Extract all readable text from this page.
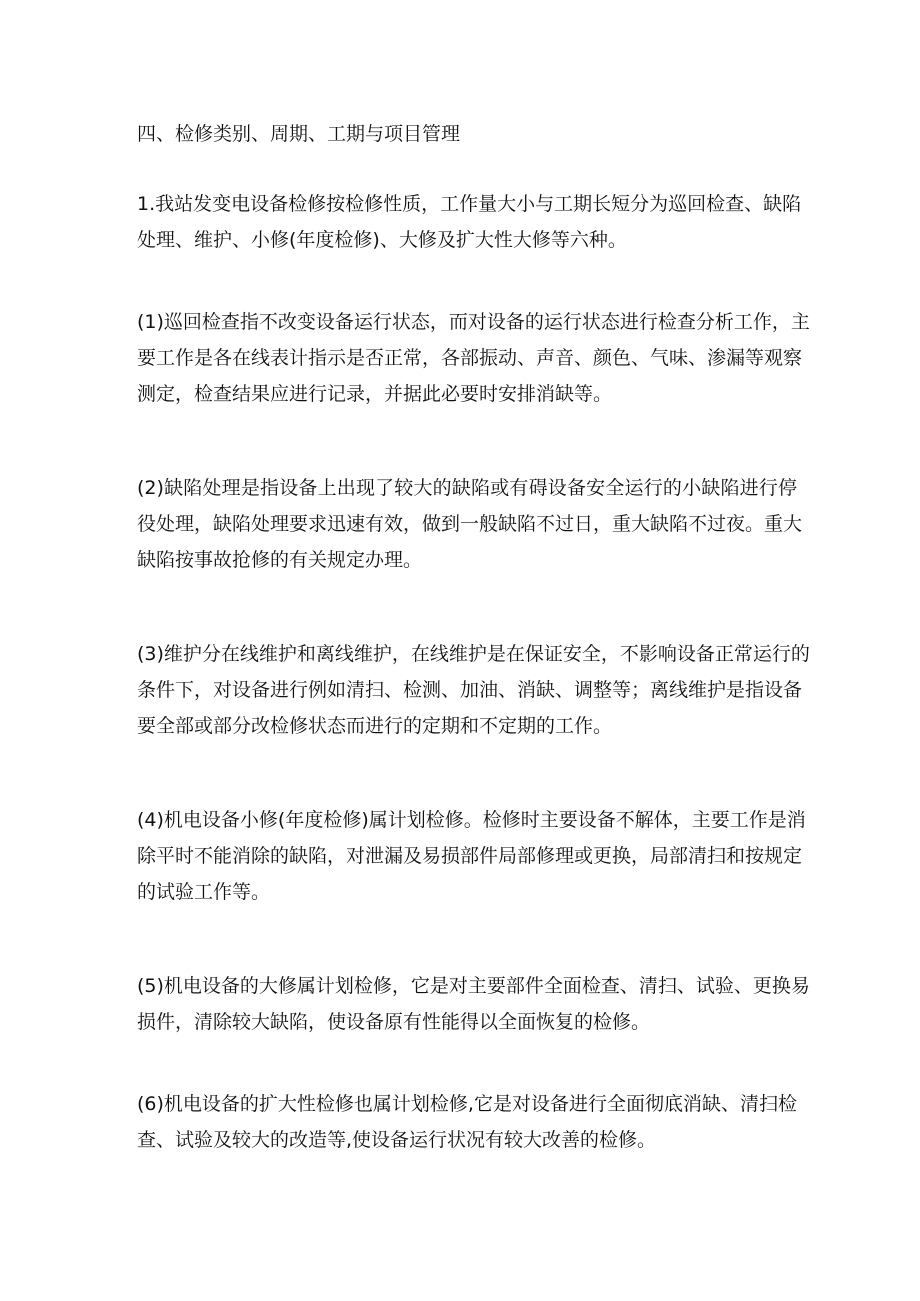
四、检修类别、周期、工期与项目管理

1.我站发变电设备检修按检修性质，工作量大小与工期长短分为巡回检查、缺陷
处理、维护、小修(年度检修)、大修及扩大性大修等六种。

(1)巡回检查指不改变设备运行状态，而对设备的运行状态进行检查分析工作，主
要工作是各在线表计指示是否正常，各部振动、声音、颜色、气味、渗漏等观察
测定，检查结果应进行记录，并据此必要时安排消缺等。

(2)缺陷处理是指设备上出现了较大的缺陷或有碍设备安全运行的小缺陷进行停
役处理，缺陷处理要求迅速有效，做到一般缺陷不过日，重大缺陷不过夜。重大
缺陷按事故抢修的有关规定办理。

(3)维护分在线维护和离线维护，在线维护是在保证安全，不影响设备正常运行的
条件下，对设备进行例如清扫、检测、加油、消缺、调整等；离线维护是指设备
要全部或部分改检修状态而进行的定期和不定期的工作。

(4)机电设备小修(年度检修)属计划检修。检修时主要设备不解体，主要工作是消
除平时不能消除的缺陷，对泄漏及易损部件局部修理或更换，局部清扫和按规定
的试验工作等。

(5)机电设备的大修属计划检修，它是对主要部件全面检查、清扫、试验、更换易
损件，清除较大缺陷，使设备原有性能得以全面恢复的检修。

(6)机电设备的扩大性检修也属计划检修,它是对设备进行全面彻底消缺、清扫检
查、试验及较大的改造等,使设备运行状况有较大改善的检修。
